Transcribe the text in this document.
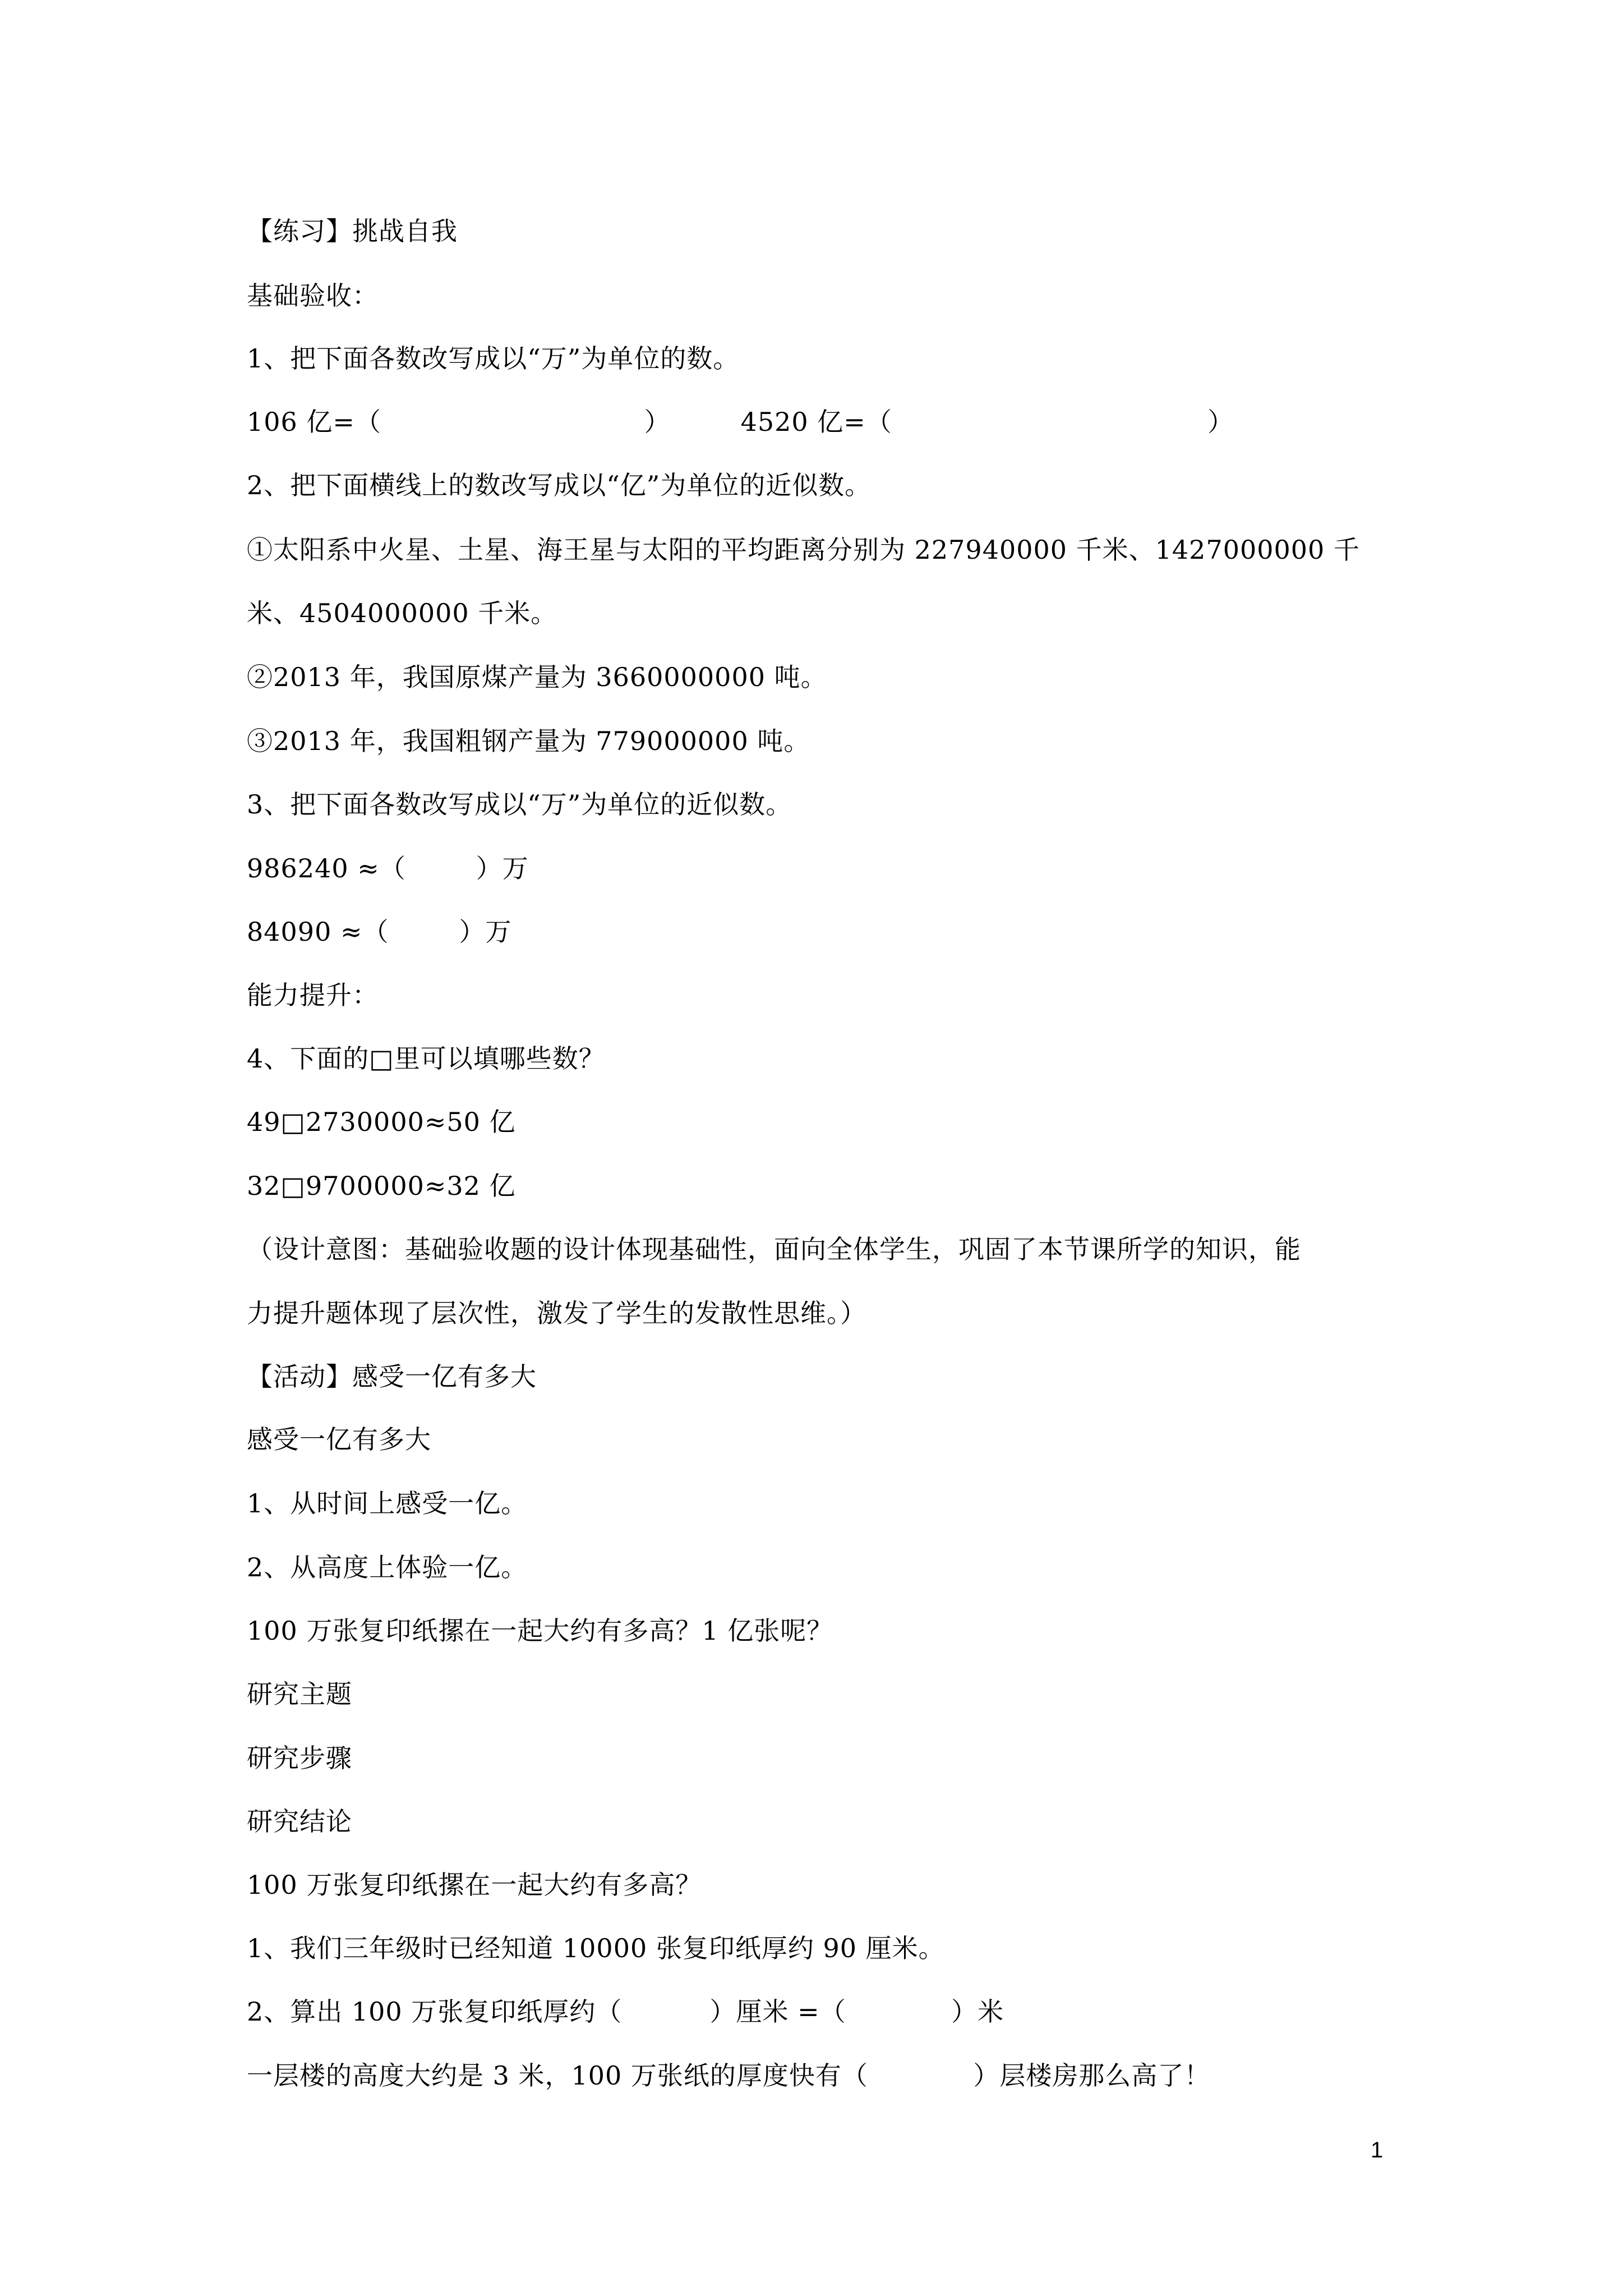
【练习】挑战自我
基础验收：
1、把下面各数改写成以“万”为单位的数。
106 亿=（                              ）        4520 亿=（                                    ）
2、把下面横线上的数改写成以“亿”为单位的近似数。
①太阳系中火星、土星、海王星与太阳的平均距离分别为 227940000 千米、1427000000 千
米、4504000000 千米。
②2013 年，我国原煤产量为 3660000000 吨。
③2013 年，我国粗钢产量为 779000000 吨。
3、把下面各数改写成以“万”为单位的近似数。
986240 ≈（        ）万
84090 ≈（        ）万
能力提升：
4、下面的□里可以填哪些数？
49□2730000≈50 亿
32□9700000≈32 亿
（设计意图：基础验收题的设计体现基础性，面向全体学生，巩固了本节课所学的知识，能
力提升题体现了层次性，激发了学生的发散性思维。）
【活动】感受一亿有多大
感受一亿有多大
1、从时间上感受一亿。
2、从高度上体验一亿。
100 万张复印纸摞在一起大约有多高？1 亿张呢？
研究主题
研究步骤
研究结论
100 万张复印纸摞在一起大约有多高？
1、我们三年级时已经知道 10000 张复印纸厚约 90 厘米。
2、算出 100 万张复印纸厚约（          ）厘米 =（            ）米
一层楼的高度大约是 3 米，100 万张纸的厚度快有（            ）层楼房那么高了！
1
